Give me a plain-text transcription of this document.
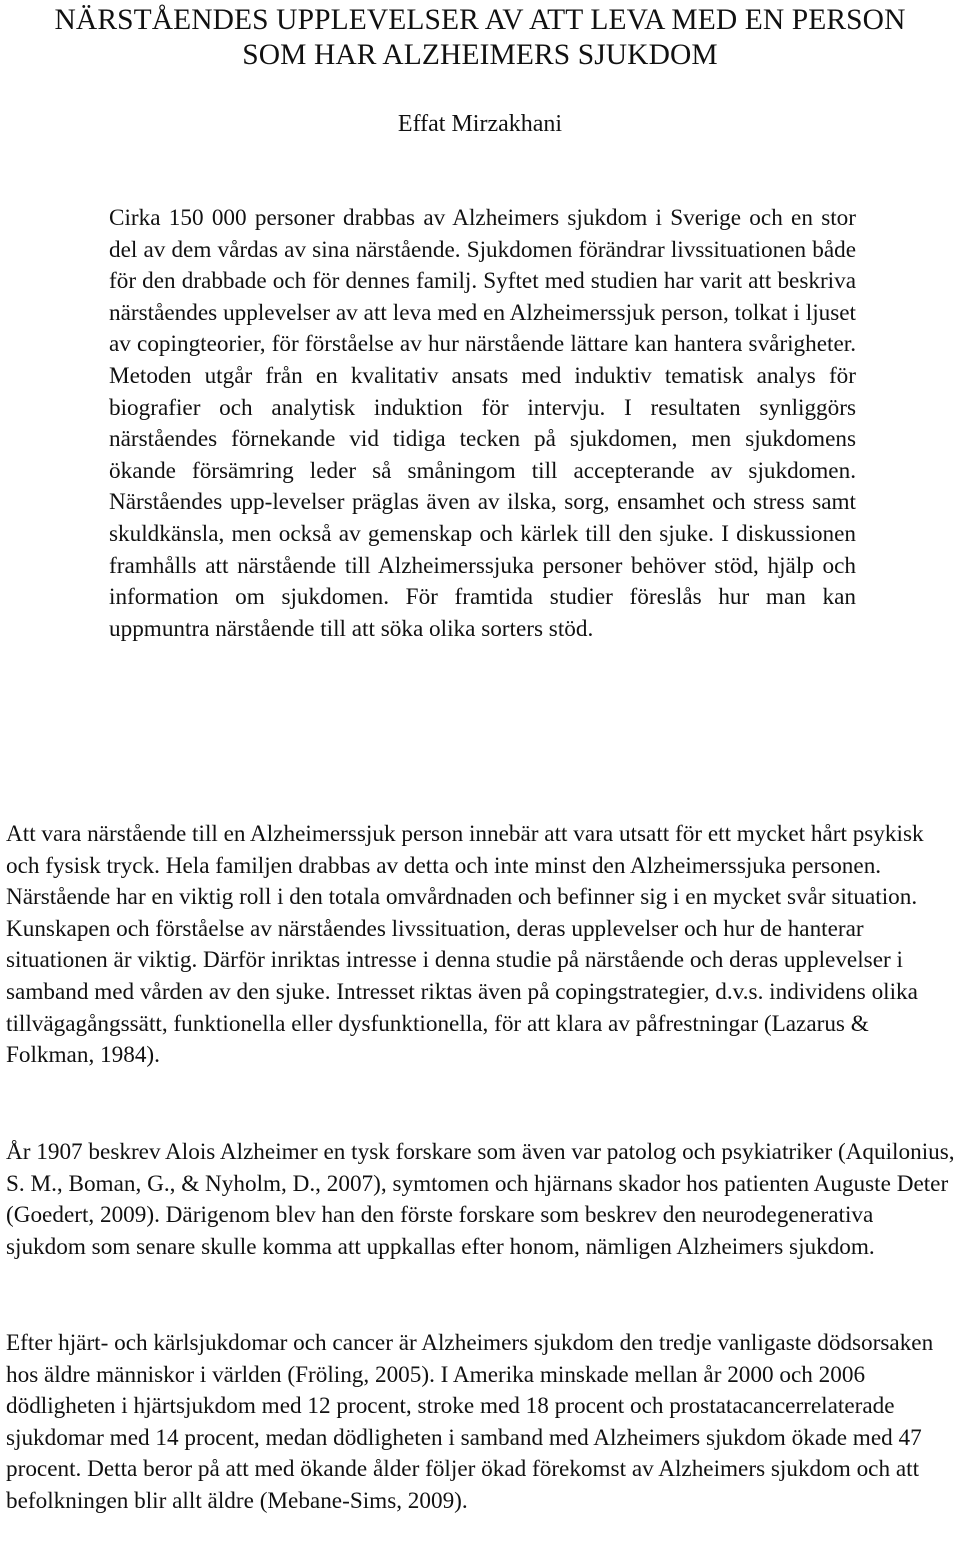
NÄRSTÅENDES UPPLEVELSER AV ATT LEVA MED EN PERSON
SOM HAR ALZHEIMERS SJUKDOM

Effat Mirzakhani

Cirka 150 000 personer drabbas av Alzheimers sjukdom i Sverige och en stor del av dem vårdas av sina närstående. Sjukdomen förändrar livssituationen både för den drabbade och för dennes familj. Syftet med studien har varit att beskriva närståendes upplevelser av att leva med en Alzheimerssjuk person, tolkat i ljuset av copingteorier, för förståelse av hur närstående lättare kan hantera svårigheter. Metoden utgår från en kvalitativ ansats med induktiv tematisk analys för biografier och analytisk induktion för intervju. I resultaten synliggörs närståendes förnekande vid tidiga tecken på sjukdomen, men sjukdomens ökande försämring leder så småningom till accepterande av sjukdomen. Närståendes upp-levelser präglas även av ilska, sorg, ensamhet och stress samt skuldkänsla, men också av gemenskap och kärlek till den sjuke. I diskussionen framhålls att närstående till Alzheimerssjuka personer behöver stöd, hjälp och information om sjukdomen. För framtida studier föreslås hur man kan uppmuntra närstående till att söka olika sorters stöd.

Att vara närstående till en Alzheimerssjuk person innebär att vara utsatt för ett mycket hårt psykisk och fysisk tryck. Hela familjen drabbas av detta och inte minst den Alzheimerssjuka personen. Närstående har en viktig roll i den totala omvårdnaden och befinner sig i en mycket svår situation. Kunskapen och förståelse av närståendes livssituation, deras upplevelser och hur de hanterar situationen är viktig. Därför inriktas intresse i denna studie på närstående och deras upplevelser i samband med vården av den sjuke. Intresset riktas även på copingstrategier, d.v.s. individens olika tillvägagångssätt, funktionella eller dysfunktionella, för att klara av påfrestningar (Lazarus & Folkman, 1984).

År 1907 beskrev Alois Alzheimer en tysk forskare som även var patolog och psykiatriker (Aquilonius, S. M., Boman, G., & Nyholm, D., 2007), symtomen och hjärnans skador hos patienten Auguste Deter (Goedert, 2009). Därigenom blev han den förste forskare som beskrev den neurodegenerativa sjukdom som senare skulle komma att uppkallas efter honom, nämligen Alzheimers sjukdom.

Efter hjärt- och kärlsjukdomar och cancer är Alzheimers sjukdom den tredje vanligaste dödsorsaken hos äldre människor i världen (Fröling, 2005). I Amerika minskade mellan år 2000 och 2006 dödligheten i hjärtsjukdom med 12 procent, stroke med 18 procent och prostatacancerrelaterade sjukdomar med 14 procent, medan dödligheten i samband med Alzheimers sjukdom ökade med 47 procent. Detta beror på att med ökande ålder följer ökad förekomst av Alzheimers sjukdom och att befolkningen blir allt äldre (Mebane-Sims, 2009).
